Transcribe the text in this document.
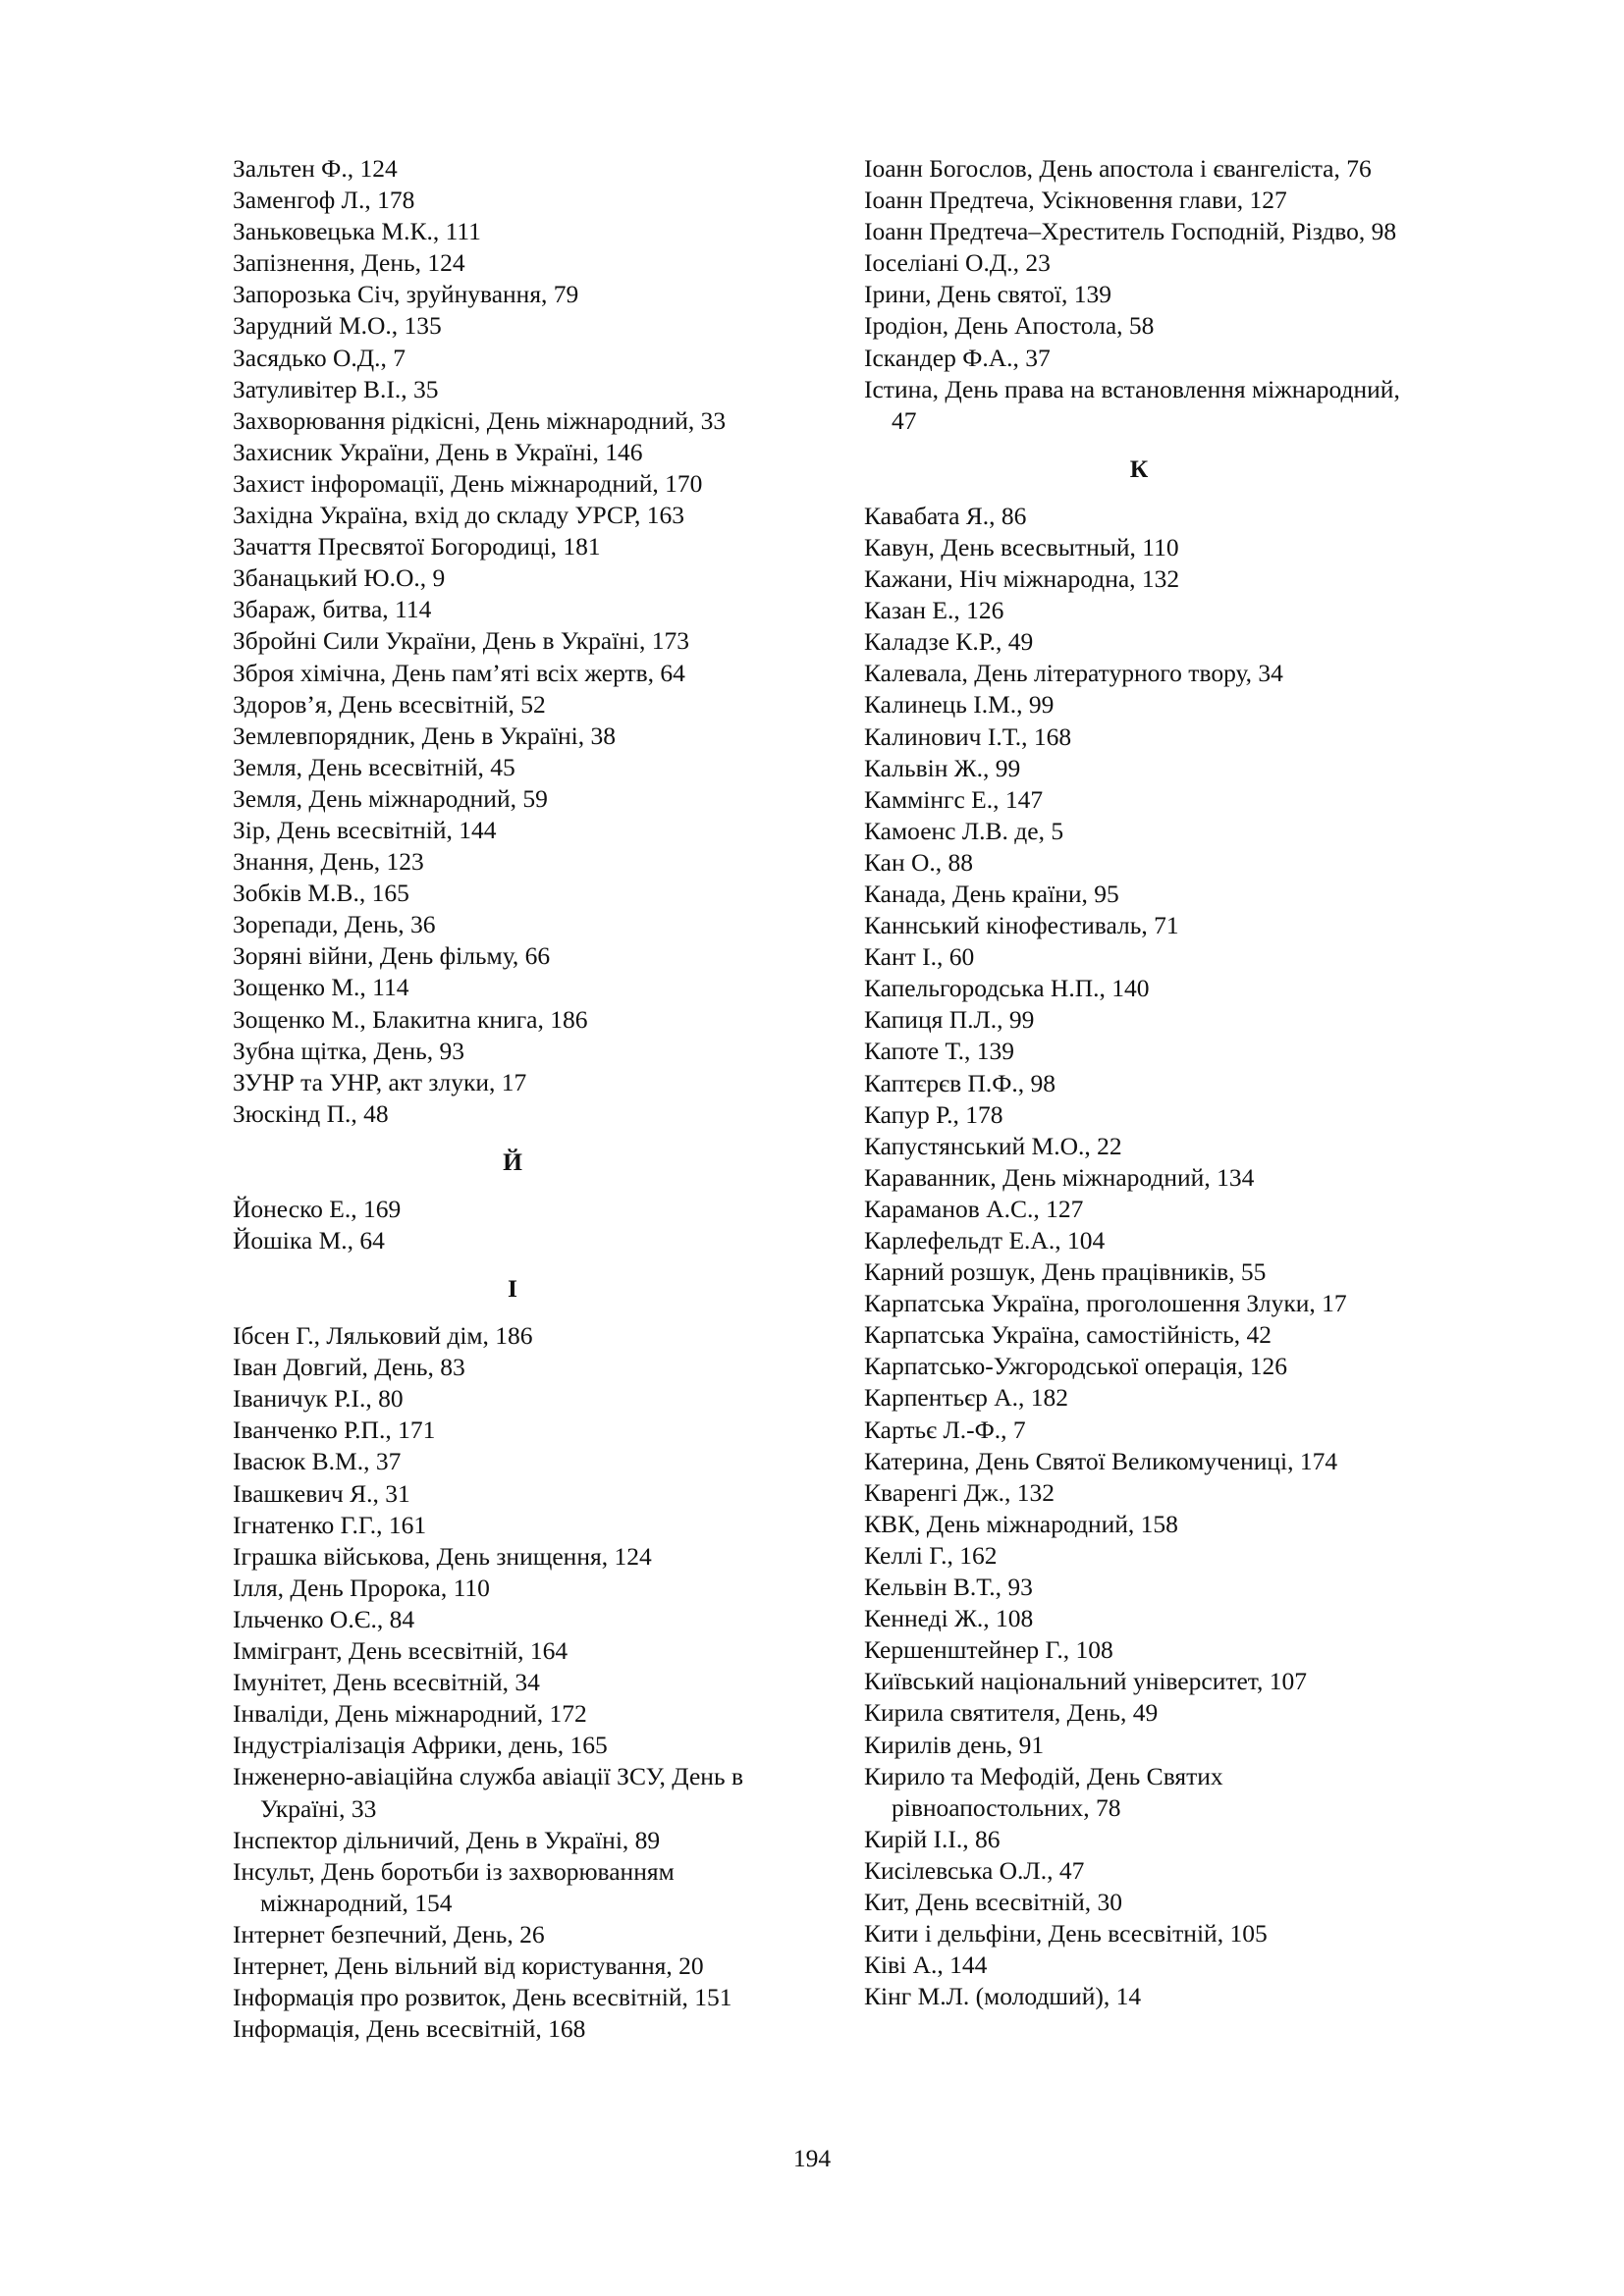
Зальтен Ф., 124
Заменгоф Л., 178
Заньковецька М.К., 111
Запізнення, День, 124
Запорозька Січ, зруйнування, 79
Зарудний М.О., 135
Засядько О.Д., 7
Затуливітер В.І., 35
Захворювання рідкісні, День міжнародний, 33
Захисник України, День в Україні, 146
Захист інфоромації, День міжнародний, 170
Західна Україна, вхід до складу УРСР, 163
Зачаття Пресвятої Богородиці, 181
Збанацький Ю.О., 9
Збараж, битва, 114
Збройні Сили України, День в Україні, 173
Зброя хімічна, День пам’яті всіх жертв, 64
Здоров’я, День всесвітній, 52
Землевпорядник, День в Україні, 38
Земля, День всесвітній, 45
Земля, День міжнародний, 59
Зір, День всесвітній, 144
Знання, День, 123
Зобків М.В., 165
Зорепади, День, 36
Зоряні війни, День фільму, 66
Зощенко М., 114
Зощенко М., Блакитна книга, 186
Зубна щітка, День, 93
ЗУНР та УНР, акт злуки, 17
Зюскінд П., 48
Й
Йонеско Е., 169
Йошіка М., 64
І
Ібсен Г., Ляльковий дім, 186
Іван Довгий, День, 83
Іваничук Р.І., 80
Іванченко Р.П., 171
Івасюк В.М., 37
Івашкевич Я., 31
Ігнатенко Г.Г., 161
Іграшка військова, День знищення, 124
Ілля, День Пророка, 110
Ільченко О.Є., 84
Іммігрант, День всесвітній, 164
Імунітет, День всесвітній, 34
Інваліди, День міжнародний, 172
Індустріалізація Африки, день, 165
Інженерно-авіаційна служба авіації ЗСУ, День в Україні, 33
Інспектор дільничий, День в Україні, 89
Інсульт, День боротьби із захворюванням міжнародний, 154
Інтернет безпечний, День, 26
Інтернет, День вільний від користування, 20
Інформація про розвиток, День всесвітній, 151
Інформація, День всесвітній, 168
Іоанн Богослов, День апостола і євангеліста, 76
Іоанн Предтеча, Усікновення глави, 127
Іоанн Предтеча–Хреститель Господній, Різдво, 98
Іоселіані О.Д., 23
Ірини, День святої, 139
Іродіон, День Апостола, 58
Іскандер Ф.А., 37
Істина, День права на встановлення міжнародний, 47
К
Кавабата Я., 86
Кавун, День всесвытный, 110
Кажани, Ніч міжнародна, 132
Казан Е., 126
Каладзе К.Р., 49
Калевала, День літературного твору, 34
Калинець І.М., 99
Калинович І.Т., 168
Кальвін Ж., 99
Каммінгс Е., 147
Камоенс Л.В. де, 5
Кан О., 88
Канада, День країни, 95
Каннський кінофестиваль, 71
Кант І., 60
Капельгородська Н.П., 140
Капиця П.Л., 99
Капоте Т., 139
Каптєрєв П.Ф., 98
Капур Р., 178
Капустянський М.О., 22
Караванник, День міжнародний, 134
Караманов А.С., 127
Карлефельдт Е.А., 104
Карний розшук, День працівників, 55
Карпатська Україна, проголошення Злуки, 17
Карпатська Україна, самостійність, 42
Карпатсько-Ужгородської операція, 126
Карпентьєр А., 182
Картьє Л.-Ф., 7
Катерина, День Святої Великомучениці, 174
Кваренгі Дж., 132
КВК, День міжнародний, 158
Келлі Г., 162
Кельвін В.Т., 93
Кеннеді Ж., 108
Кершенштейнер Г., 108
Київський національний університет, 107
Кирила святителя, День, 49
Кирилів день, 91
Кирило та Мефодій, День Святих рівноапостольних, 78
Кирій І.І., 86
Кисілевська О.Л., 47
Кит, День всесвітній, 30
Кити і дельфіни, День всесвітній, 105
Ківі А., 144
Кінг М.Л. (молодший), 14
194
